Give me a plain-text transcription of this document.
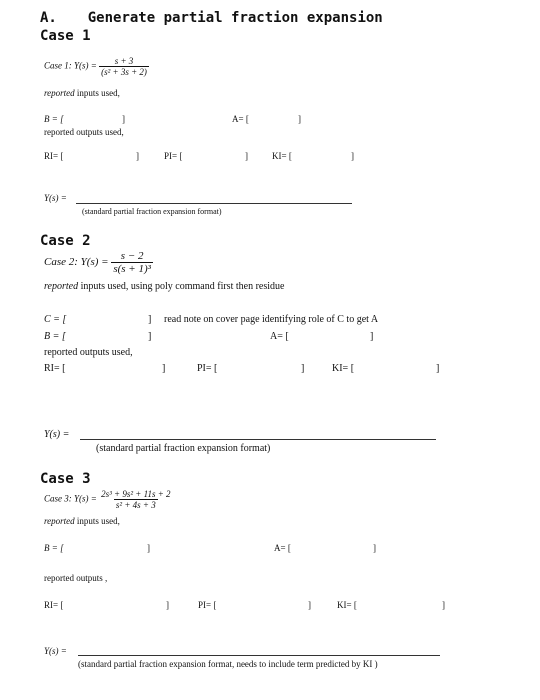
A. Generate partial fraction expansion
Case 1
Case 1: $Y(s) = \frac{s + 3}{\text{(s² + 3s + 2)}}$
reported inputs used,
B = [	]	A= [	]
reported outputs used,
RI= [	]	PI= [	]	KI= [	]
Y(s) =
(standard partial fraction expansion format)
Case 2
Case 2: $Y(s) = \frac{s - 2}{\text{s(s + 1)³}}$
reported inputs used, using poly command first then residue
C = [	] read note on cover page identifying role of C to get A
B = [	]	A= [	]
reported outputs used,
RI= [	]	PI= [	]	KI= [	]
Y(s) =
(standard partial fraction expansion format)
Case 3
Case 3: $Y(s) = \frac{\text{2s³ + 9s² + 11s + 2}}{\text{s² + 4s + 3}}$
reported inputs used,
B = [	]	A= [	]
reported outputs ,
RI= [	]	PI= [	]	KI= [	]
Y(s) =
(standard partial fraction expansion format, needs to include term predicted by KI )
